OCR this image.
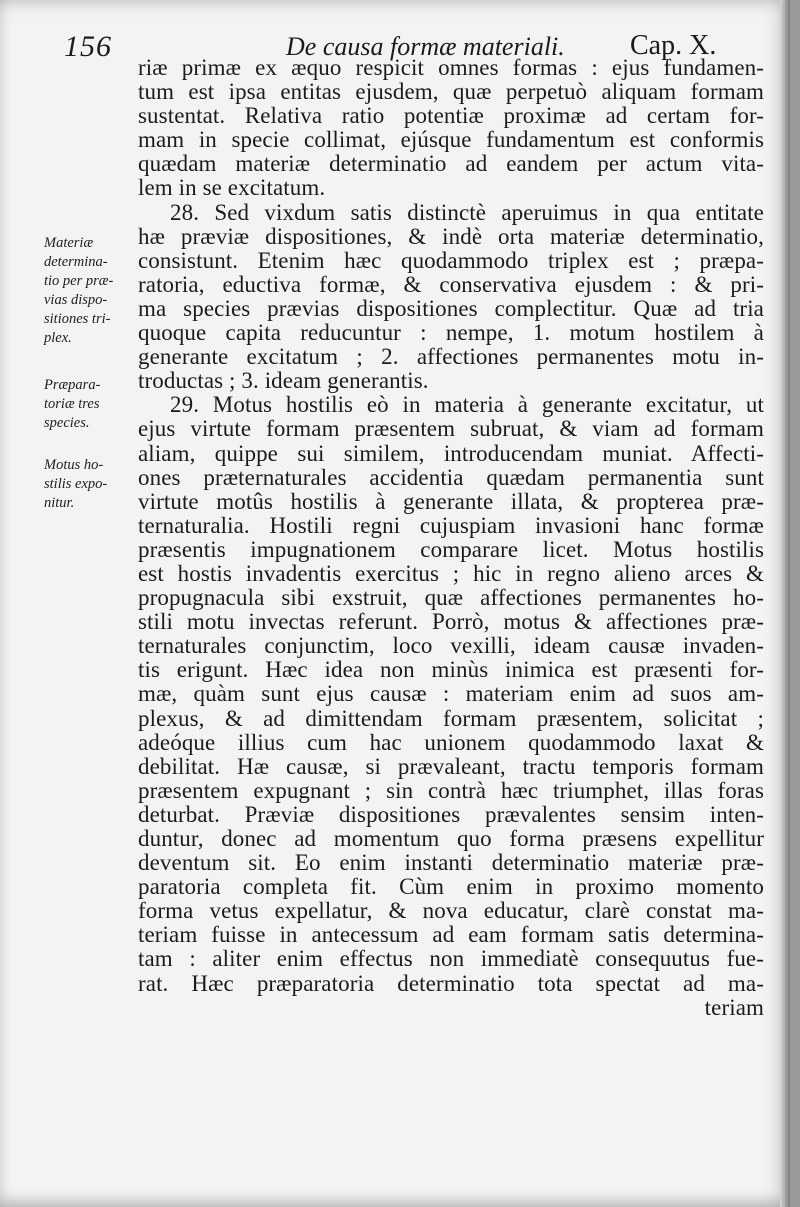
156	De causa formæ materiali. Cap. X.
Materiæ
determina-
tio per præ-
vias dispo-
sitiones tri-
plex.
Præpara-
toriæ tres
species.
Motus ho-
stilis expo-
nitur.
riæ primæ ex æquo respicit omnes formas : ejus fundamen-
tum est ipsa entitas ejusdem, quæ perpetuò aliquam formam
sustentat. Relativa ratio potentiæ proximæ ad certam for-
mam in specie collimat, ejúsque fundamentum est conformis
quædam materiæ determinatio ad eandem per actum vita-
lem in se excitatum.
28. Sed vixdum satis distinctè aperuimus in qua entitate
hæ præviæ dispositiones, & indè orta materiæ determinatio,
consistunt. Etenim hæc quodammodo triplex est ; præpa-
ratoria, eductiva formæ, & conservativa ejusdem : & pri-
ma species prævias dispositiones complectitur. Quæ ad tria
quoque capita reducuntur : nempe, 1. motum hostilem à
generante excitatum ; 2. affectiones permanentes motu in-
troductas ; 3. ideam generantis.
29. Motus hostilis eò in materia à generante excitatur, ut
ejus virtute formam præsentem subruat, & viam ad formam
aliam, quippe sui similem, introducendam muniat. Affecti-
ones præternaturales accidentia quædam permanentia sunt
virtute motûs hostilis à generante illata, & propterea præ-
ternaturalia. Hostili regni cujuspiam invasioni hanc formæ
præsentis impugnationem comparare licet. Motus hostilis
est hostis invadentis exercitus ; hic in regno alieno arces &
propugnacula sibi exstruit, quæ affectiones permanentes ho-
stili motu invectas referunt. Porrò, motus & affectiones præ-
ternaturales conjunctim, loco vexilli, ideam causæ invaden-
tis erigunt. Hæc idea non minùs inimica est præsenti for-
mæ, quàm sunt ejus causæ : materiam enim ad suos am-
plexus, & ad dimittendam formam præsentem, solicitat ;
adeóque illius cum hac unionem quodammodo laxat &
debilitat. Hæ causæ, si prævaleant, tractu temporis formam
præsentem expugnant ; sin contrà hæc triumphet, illas foras
deturbat. Præviæ dispositiones prævalentes sensim inten-
duntur, donec ad momentum quo forma præsens expellitur
deventum sit. Eo enim instanti determinatio materiæ præ-
paratoria completa fit. Cùm enim in proximo momento
forma vetus expellatur, & nova educatur, clarè constat ma-
teriam fuisse in antecessum ad eam formam satis determina-
tam : aliter enim effectus non immediatè consequutus fue-
rat. Hæc præparatoria determinatio tota spectat ad ma-
teriam
